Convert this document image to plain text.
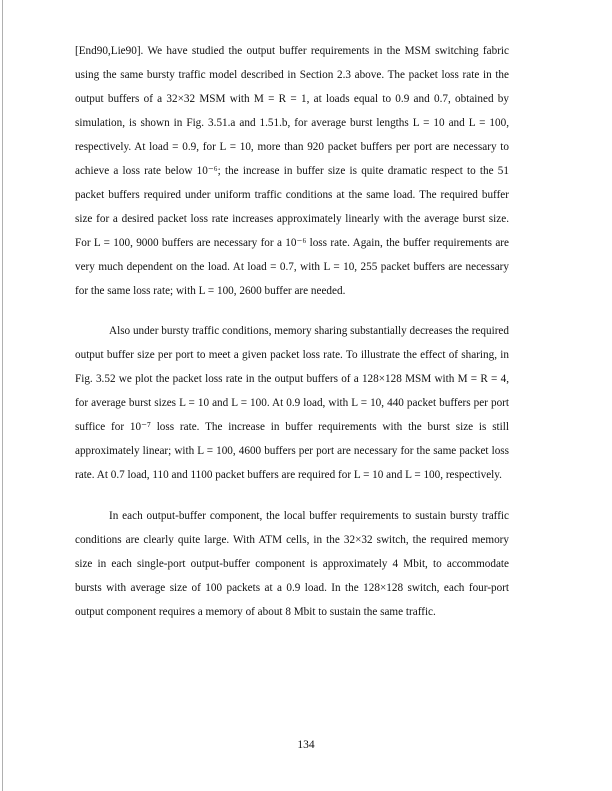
[End90,Lie90]. We have studied the output buffer requirements in the MSM switching fabric using the same bursty traffic model described in Section 2.3 above. The packet loss rate in the output buffers of a 32×32 MSM with M = R = 1, at loads equal to 0.9 and 0.7, obtained by simulation, is shown in Fig. 3.51.a and 1.51.b, for average burst lengths L = 10 and L = 100, respectively. At load = 0.9, for L = 10, more than 920 packet buffers per port are necessary to achieve a loss rate below 10⁻⁶; the increase in buffer size is quite dramatic respect to the 51 packet buffers required under uniform traffic conditions at the same load. The required buffer size for a desired packet loss rate increases approximately linearly with the average burst size. For L = 100, 9000 buffers are necessary for a 10⁻⁶ loss rate. Again, the buffer requirements are very much dependent on the load. At load = 0.7, with L = 10, 255 packet buffers are necessary for the same loss rate; with L = 100, 2600 buffer are needed.

Also under bursty traffic conditions, memory sharing substantially decreases the required output buffer size per port to meet a given packet loss rate. To illustrate the effect of sharing, in Fig. 3.52 we plot the packet loss rate in the output buffers of a 128×128 MSM with M = R = 4, for average burst sizes L = 10 and L = 100. At 0.9 load, with L = 10, 440 packet buffers per port suffice for 10⁻⁷ loss rate. The increase in buffer requirements with the burst size is still approximately linear; with L = 100, 4600 buffers per port are necessary for the same packet loss rate. At 0.7 load, 110 and 1100 packet buffers are required for L = 10 and L = 100, respectively.

In each output-buffer component, the local buffer requirements to sustain bursty traffic conditions are clearly quite large. With ATM cells, in the 32×32 switch, the required memory size in each single-port output-buffer component is approximately 4 Mbit, to accommodate bursts with average size of 100 packets at a 0.9 load. In the 128×128 switch, each four-port output component requires a memory of about 8 Mbit to sustain the same traffic.

134
